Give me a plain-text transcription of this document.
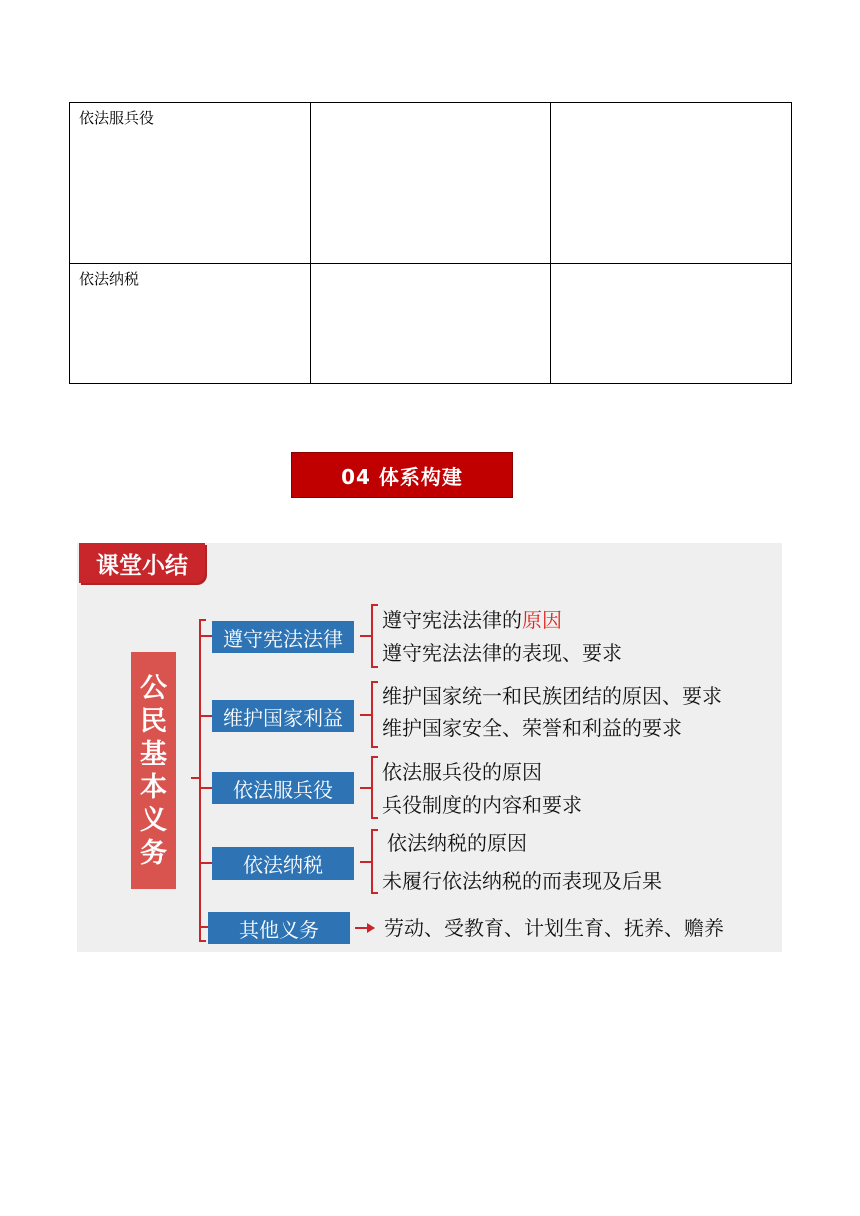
依法服兵役		
依法纳税		
04 体系构建
课堂小结
公
民
基
本
义
务
遵守宪法法律
维护国家利益
依法服兵役
依法纳税
其他义务
遵守宪法法律的原因
遵守宪法法律的表现、要求
维护国家统一和民族团结的原因、要求
维护国家安全、荣誉和利益的要求
依法服兵役的原因
兵役制度的内容和要求
依法纳税的原因
未履行依法纳税的而表现及后果
劳动、受教育、计划生育、抚养、赡养
